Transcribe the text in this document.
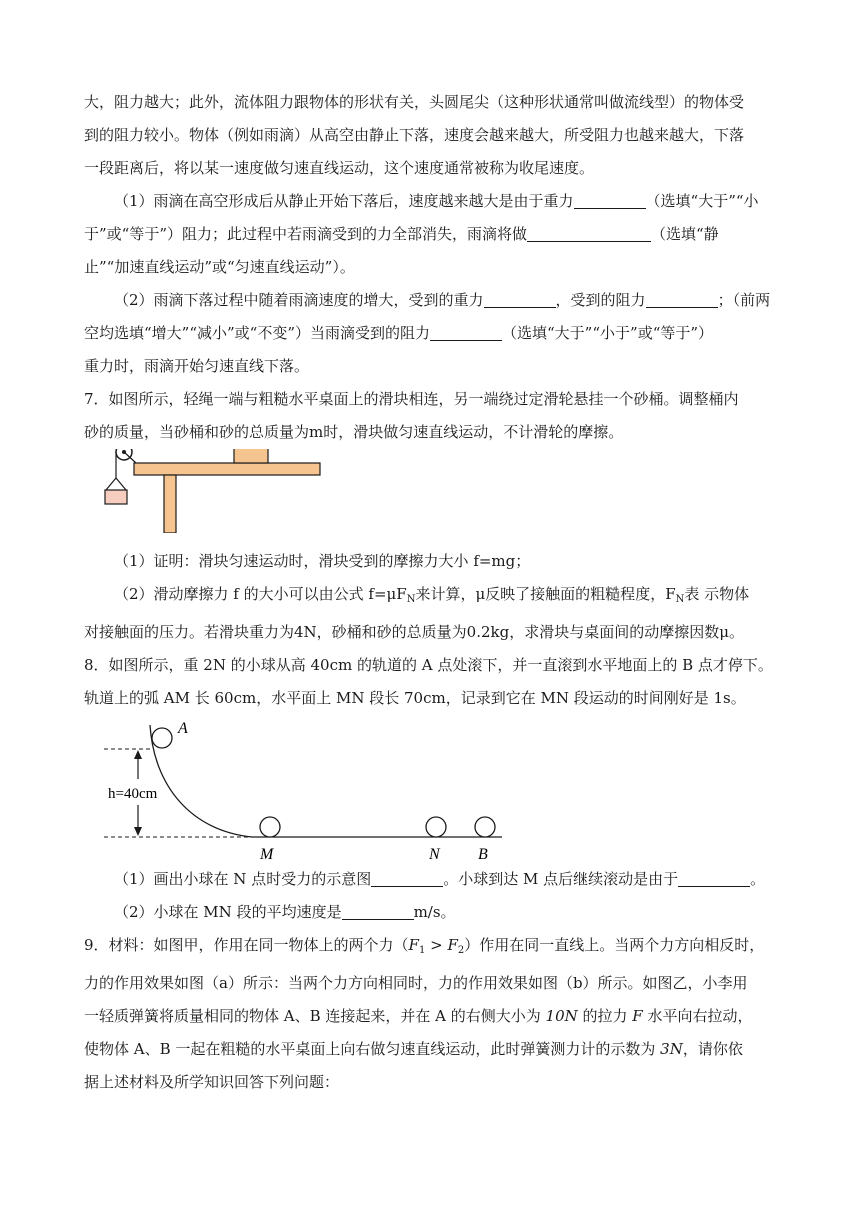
大，阻力越大；此外，流体阻力跟物体的形状有关，头圆尾尖（这种形状通常叫做流线型）的物体受

到的阻力较小。物体（例如雨滴）从高空由静止下落，速度会越来越大，所受阻力也越来越大，下落

一段距离后，将以某一速度做匀速直线运动，这个速度通常被称为收尾速度。

（1）雨滴在高空形成后从静止开始下落后，速度越来越大是由于重力	（选填“大于”“小

于”或“等于”）阻力；此过程中若雨滴受到的力全部消失，雨滴将做	（选填“静

止”“加速直线运动”或“匀速直线运动”）。

（2）雨滴下落过程中随着雨滴速度的增大，受到的重力	，受到的阻力	；（前两

空均选填“增大”“减小”或“不变”）当雨滴受到的阻力	（选填“大于”“小于”或“等于”）

重力时，雨滴开始匀速直线下落。

7．如图所示，轻绳一端与粗糙水平桌面上的滑块相连，另一端绕过定滑轮悬挂一个砂桶。调整桶内

砂的质量，当砂桶和砂的总质量为m时，滑块做匀速直线运动，不计滑轮的摩擦。

（1）证明：滑块匀速运动时，滑块受到的摩擦力大小 f=mg；

（2）滑动摩擦力 f 的大小可以由公式 $f=\mu F_N$来计算，μ反映了接触面的粗糙程度，$F_N$表 示物体

对接触面的压力。若滑块重力为4N，砂桶和砂的总质量为0.2kg，求滑块与桌面间的动摩擦因数μ。

8．如图所示，重 2N 的小球从高 40cm 的轨道的 A 点处滚下，并一直滚到水平地面上的 B 点才停下。

轨道上的弧 AM 长 60cm，水平面上 MN 段长 70cm，记录到它在 MN 段运动的时间刚好是 1s。

A
h=40cm
M	N B

（1）画出小球在 N 点时受力的示意图	。小球到达 M 点后继续滚动是由于	。

（2）小球在 MN 段的平均速度是	m/s。

9．材料：如图甲，作用在同一物体上的两个力$(F_1 > F_2)$作用在同一直线上。当两个力方向相反时，

力的作用效果如图（a）所示：当两个力方向相同时，力的作用效果如图（b）所示。如图乙，小李用

一轻质弹簧将质量相同的物体 A、B 连接起来，并在 A 的右侧大小为 10N 的拉力 F 水平向右拉动，

使物体 A、B 一起在粗糙的水平桌面上向右做匀速直线运动，此时弹簧测力计的示数为 3N，请你依

据上述材料及所学知识回答下列问题：
